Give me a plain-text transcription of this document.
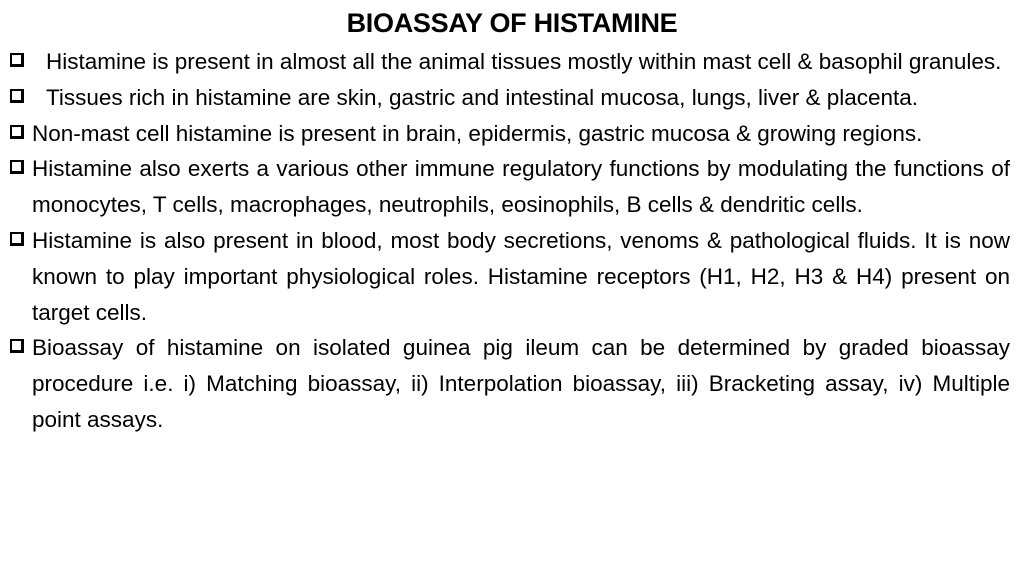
BIOASSAY OF HISTAMINE
Histamine is present in almost all the animal tissues mostly within mast cell & basophil granules.
Tissues rich in histamine are skin, gastric and intestinal mucosa, lungs, liver & placenta.
Non-mast cell histamine is present in brain, epidermis, gastric mucosa & growing regions.
Histamine also exerts a various other immune regulatory functions by modulating the functions of monocytes, T cells, macrophages, neutrophils, eosinophils, B cells & dendritic cells.
Histamine is also present in blood, most body secretions, venoms & pathological fluids. It is now known to play important physiological roles. Histamine receptors (H1, H2, H3 & H4) present on target cells.
Bioassay of histamine on isolated guinea pig ileum can be determined by graded bioassay procedure i.e. i) Matching bioassay, ii) Interpolation bioassay, iii) Bracketing assay, iv) Multiple point assays.
